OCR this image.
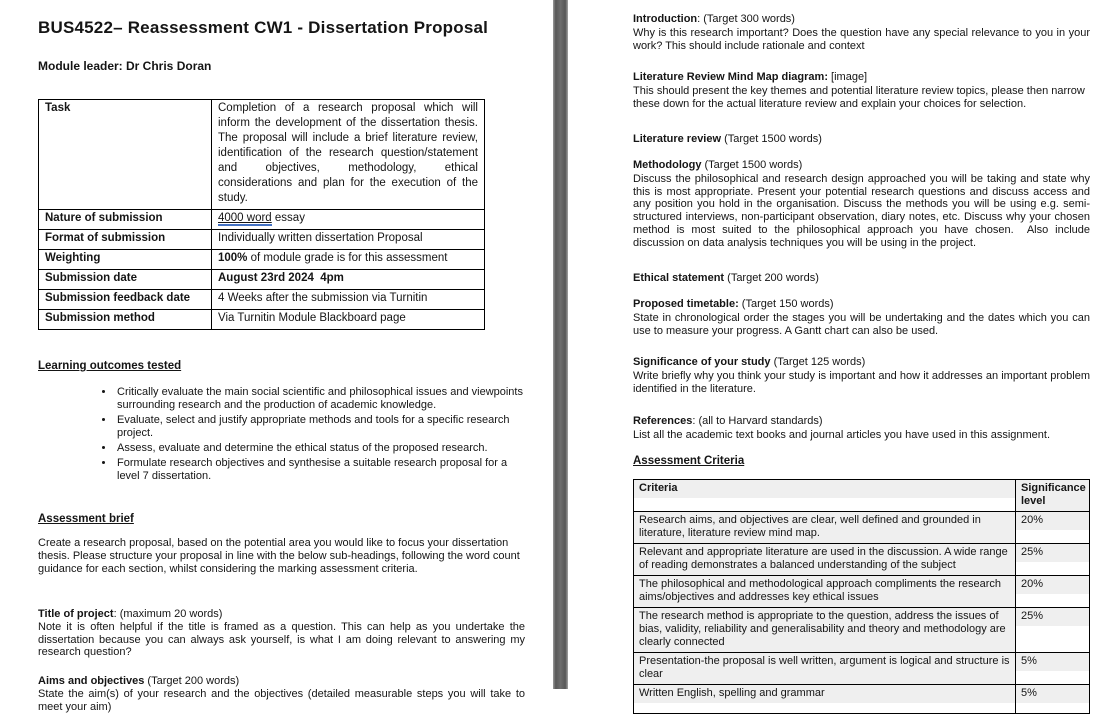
BUS4522– Reassessment CW1 - Dissertation Proposal
Module leader: Dr Chris Doran
Task	Completion of a research proposal which will inform the development of the dissertation thesis. The proposal will include a brief literature review, identification of the research question/statement and objectives, methodology, ethical considerations and plan for the execution of the study.
Nature of submission	4000 word essay
Format of submission	Individually written dissertation Proposal
Weighting	100% of module grade is for this assessment
Submission date	August 23rd 2024  4pm
Submission feedback date	4 Weeks after the submission via Turnitin
Submission method	Via Turnitin Module Blackboard page
Learning outcomes tested
• Critically evaluate the main social scientific and philosophical issues and viewpoints surrounding research and the production of academic knowledge.
• Evaluate, select and justify appropriate methods and tools for a specific research project.
• Assess, evaluate and determine the ethical status of the proposed research.
• Formulate research objectives and synthesise a suitable research proposal for a level 7 dissertation.
Assessment brief

Create a research proposal, based on the potential area you would like to focus your dissertation thesis. Please structure your proposal in line with the below sub-headings, following the word count guidance for each section, whilst considering the marking assessment criteria.

Title of project: (maximum 20 words)

Note it is often helpful if the title is framed as a question. This can help as you undertake the dissertation because you can always ask yourself, is what I am doing relevant to answering my research question?

Aims and objectives (Target 200 words)

State the aim(s) of your research and the objectives (detailed measurable steps you will take to meet your aim)

Introduction: (Target 300 words)

Why is this research important? Does the question have any special relevance to you in your work? This should include rationale and context

Literature Review Mind Map diagram: [image]

This should present the key themes and potential literature review topics, please then narrow these down for the actual literature review and explain your choices for selection.

Literature review (Target 1500 words)
Methodology (Target 1500 words)

Discuss the philosophical and research design approached you will be taking and state why this is most appropriate. Present your potential research questions and discuss access and any position you hold in the organisation. Discuss the methods you will be using e.g. semi-structured interviews, non-participant observation, diary notes, etc. Discuss why your chosen method is most suited to the philosophical approach you have chosen.  Also include discussion on data analysis techniques you will be using in the project.

Ethical statement (Target 200 words)
Proposed timetable: (Target 150 words)

State in chronological order the stages you will be undertaking and the dates which you can use to measure your progress. A Gantt chart can also be used.

Significance of your study (Target 125 words)

Write briefly why you think your study is important and how it addresses an important problem identified in the literature.

References: (all to Harvard standards)

List all the academic text books and journal articles you have used in this assignment.

Assessment Criteria
Criteria	Significance level

Research aims, and objectives are clear, well defined and grounded in literature, literature review mind map.	20%

Relevant and appropriate literature are used in the discussion. A wide range of reading demonstrates a balanced understanding of the subject	25%

The philosophical and methodological approach compliments the research aims/objectives and addresses key ethical issues	20%

The research method is appropriate to the question, address the issues of bias, validity, reliability and generalisability and theory and methodology are clearly connected	25%

Presentation-the proposal is well written, argument is logical and structure is clear	5%

Written English, spelling and grammar	5%
